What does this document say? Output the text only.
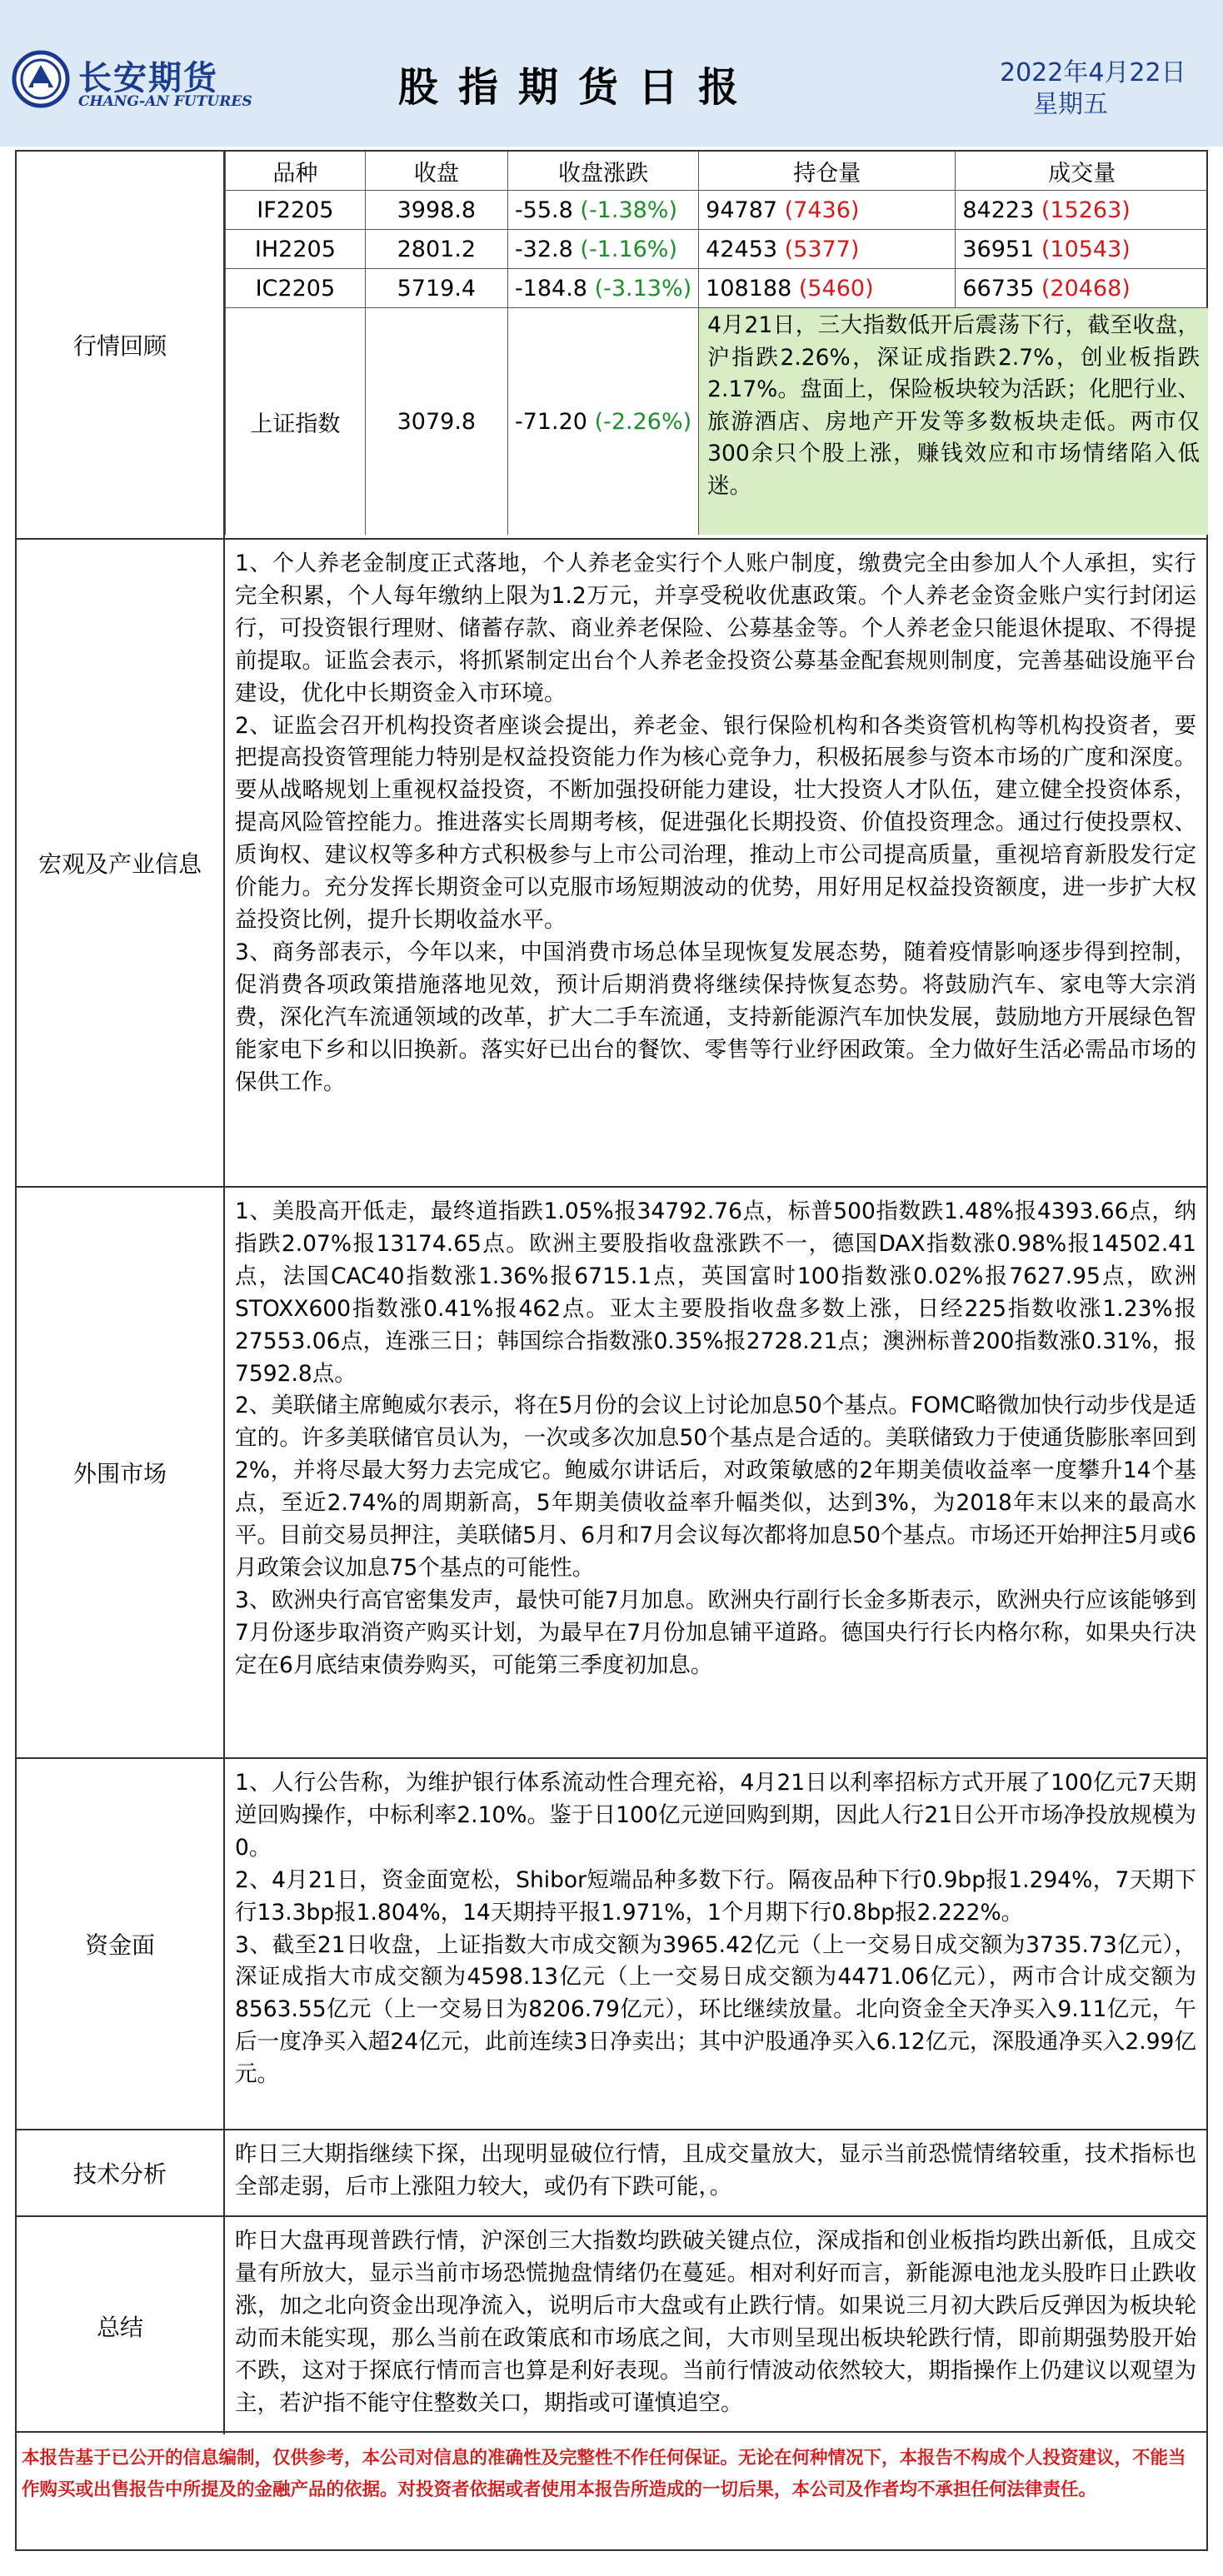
长安期货
CHANG-AN FUTURES	股指期货日报	2022年4月22日
星期五
行情回顾
品种	收盘	收盘涨跌	持仓量	成交量
IF2205	3998.8	-55.8 (-1.38%)	94787 (7436)	84223 (15263)
IH2205	2801.2	-32.8 (-1.16%)	42453 (5377)	36951 (10543)
IC2205	5719.4	-184.8 (-3.13%)	108188 (5460)	66735 (20468)
上证指数	3079.8	-71.20 (-2.26%)	4月21日，三大指数低开后震荡下行，截至收盘，沪指跌2.26%，深证成指跌2.7%，创业板指跌2.17%。盘面上，保险板块较为活跃；化肥行业、旅游酒店、房地产开发等多数板块走低。两市仅300余只个股上涨，赚钱效应和市场情绪陷入低迷。	
宏观及产业信息

1、个人养老金制度正式落地，个人养老金实行个人账户制度，缴费完全由参加人个人承担，实行完全积累，个人每年缴纳上限为1.2万元，并享受税收优惠政策。个人养老金资金账户实行封闭运行，可投资银行理财、储蓄存款、商业养老保险、公募基金等。个人养老金只能退休提取、不得提前提取。证监会表示，将抓紧制定出台个人养老金投资公募基金配套规则制度，完善基础设施平台建设，优化中长期资金入市环境。

2、证监会召开机构投资者座谈会提出，养老金、银行保险机构和各类资管机构等机构投资者，要把提高投资管理能力特别是权益投资能力作为核心竞争力，积极拓展参与资本市场的广度和深度。要从战略规划上重视权益投资，不断加强投研能力建设，壮大投资人才队伍，建立健全投资体系，提高风险管控能力。推进落实长周期考核，促进强化长期投资、价值投资理念。通过行使投票权、质询权、建议权等多种方式积极参与上市公司治理，推动上市公司提高质量，重视培育新股发行定价能力。充分发挥长期资金可以克服市场短期波动的优势，用好用足权益投资额度，进一步扩大权益投资比例，提升长期收益水平。

3、商务部表示，今年以来，中国消费市场总体呈现恢复发展态势，随着疫情影响逐步得到控制，促消费各项政策措施落地见效，预计后期消费将继续保持恢复态势。将鼓励汽车、家电等大宗消费，深化汽车流通领域的改革，扩大二手车流通，支持新能源汽车加快发展，鼓励地方开展绿色智能家电下乡和以旧换新。落实好已出台的餐饮、零售等行业纾困政策。全力做好生活必需品市场的保供工作。

外围市场

1、美股高开低走，最终道指跌1.05%报34792.76点，标普500指数跌1.48%报4393.66点，纳指跌2.07%报13174.65点。欧洲主要股指收盘涨跌不一，德国DAX指数涨0.98%报14502.41点，法国CAC40指数涨1.36%报6715.1点，英国富时100指数涨0.02%报7627.95点，欧洲STOXX600指数涨0.41%报462点。亚太主要股指收盘多数上涨，日经225指数收涨1.23%报27553.06点，连涨三日；韩国综合指数涨0.35%报2728.21点；澳洲标普200指数涨0.31%，报7592.8点。

2、美联储主席鲍威尔表示，将在5月份的会议上讨论加息50个基点。FOMC略微加快行动步伐是适宜的。许多美联储官员认为，一次或多次加息50个基点是合适的。美联储致力于使通货膨胀率回到2%，并将尽最大努力去完成它。鲍威尔讲话后，对政策敏感的2年期美债收益率一度攀升14个基点，至近2.74%的周期新高，5年期美债收益率升幅类似，达到3%，为2018年末以来的最高水平。目前交易员押注，美联储5月、6月和7月会议每次都将加息50个基点。市场还开始押注5月或6月政策会议加息75个基点的可能性。

3、欧洲央行高官密集发声，最快可能7月加息。欧洲央行副行长金多斯表示，欧洲央行应该能够到7月份逐步取消资产购买计划，为最早在7月份加息铺平道路。德国央行行长内格尔称，如果央行决定在6月底结束债券购买，可能第三季度初加息。

资金面

1、人行公告称，为维护银行体系流动性合理充裕，4月21日以利率招标方式开展了100亿元7天期逆回购操作，中标利率2.10%。鉴于日100亿元逆回购到期，因此人行21日公开市场净投放规模为0。

2、4月21日，资金面宽松，Shibor短端品种多数下行。隔夜品种下行0.9bp报1.294%，7天期下行13.3bp报1.804%，14天期持平报1.971%，1个月期下行0.8bp报2.222%。

3、截至21日收盘，上证指数大市成交额为3965.42亿元（上一交易日成交额为3735.73亿元），深证成指大市成交额为4598.13亿元（上一交易日成交额为4471.06亿元），两市合计成交额为8563.55亿元（上一交易日为8206.79亿元），环比继续放量。北向资金全天净买入9.11亿元，午后一度净买入超24亿元，此前连续3日净卖出；其中沪股通净买入6.12亿元，深股通净买入2.99亿元。

技术分析

昨日三大期指继续下探，出现明显破位行情，且成交量放大，显示当前恐慌情绪较重，技术指标也全部走弱，后市上涨阻力较大，或仍有下跌可能，。

总结

昨日大盘再现普跌行情，沪深创三大指数均跌破关键点位，深成指和创业板指均跌出新低，且成交量有所放大，显示当前市场恐慌抛盘情绪仍在蔓延。相对利好而言，新能源电池龙头股昨日止跌收涨，加之北向资金出现净流入，说明后市大盘或有止跌行情。如果说三月初大跌后反弹因为板块轮动而未能实现，那么当前在政策底和市场底之间，大市则呈现出板块轮跌行情，即前期强势股开始不跌，这对于探底行情而言也算是利好表现。当前行情波动依然较大，期指操作上仍建议以观望为主，若沪指不能守住整数关口，期指或可谨慎追空。

本报告基于已公开的信息编制，仅供参考，本公司对信息的准确性及完整性不作任何保证。无论在何种情况下，本报告不构成个人投资建议，不能当作购买或出售报告中所提及的金融产品的依据。对投资者依据或者使用本报告所造成的一切后果，本公司及作者均不承担任何法律责任。
